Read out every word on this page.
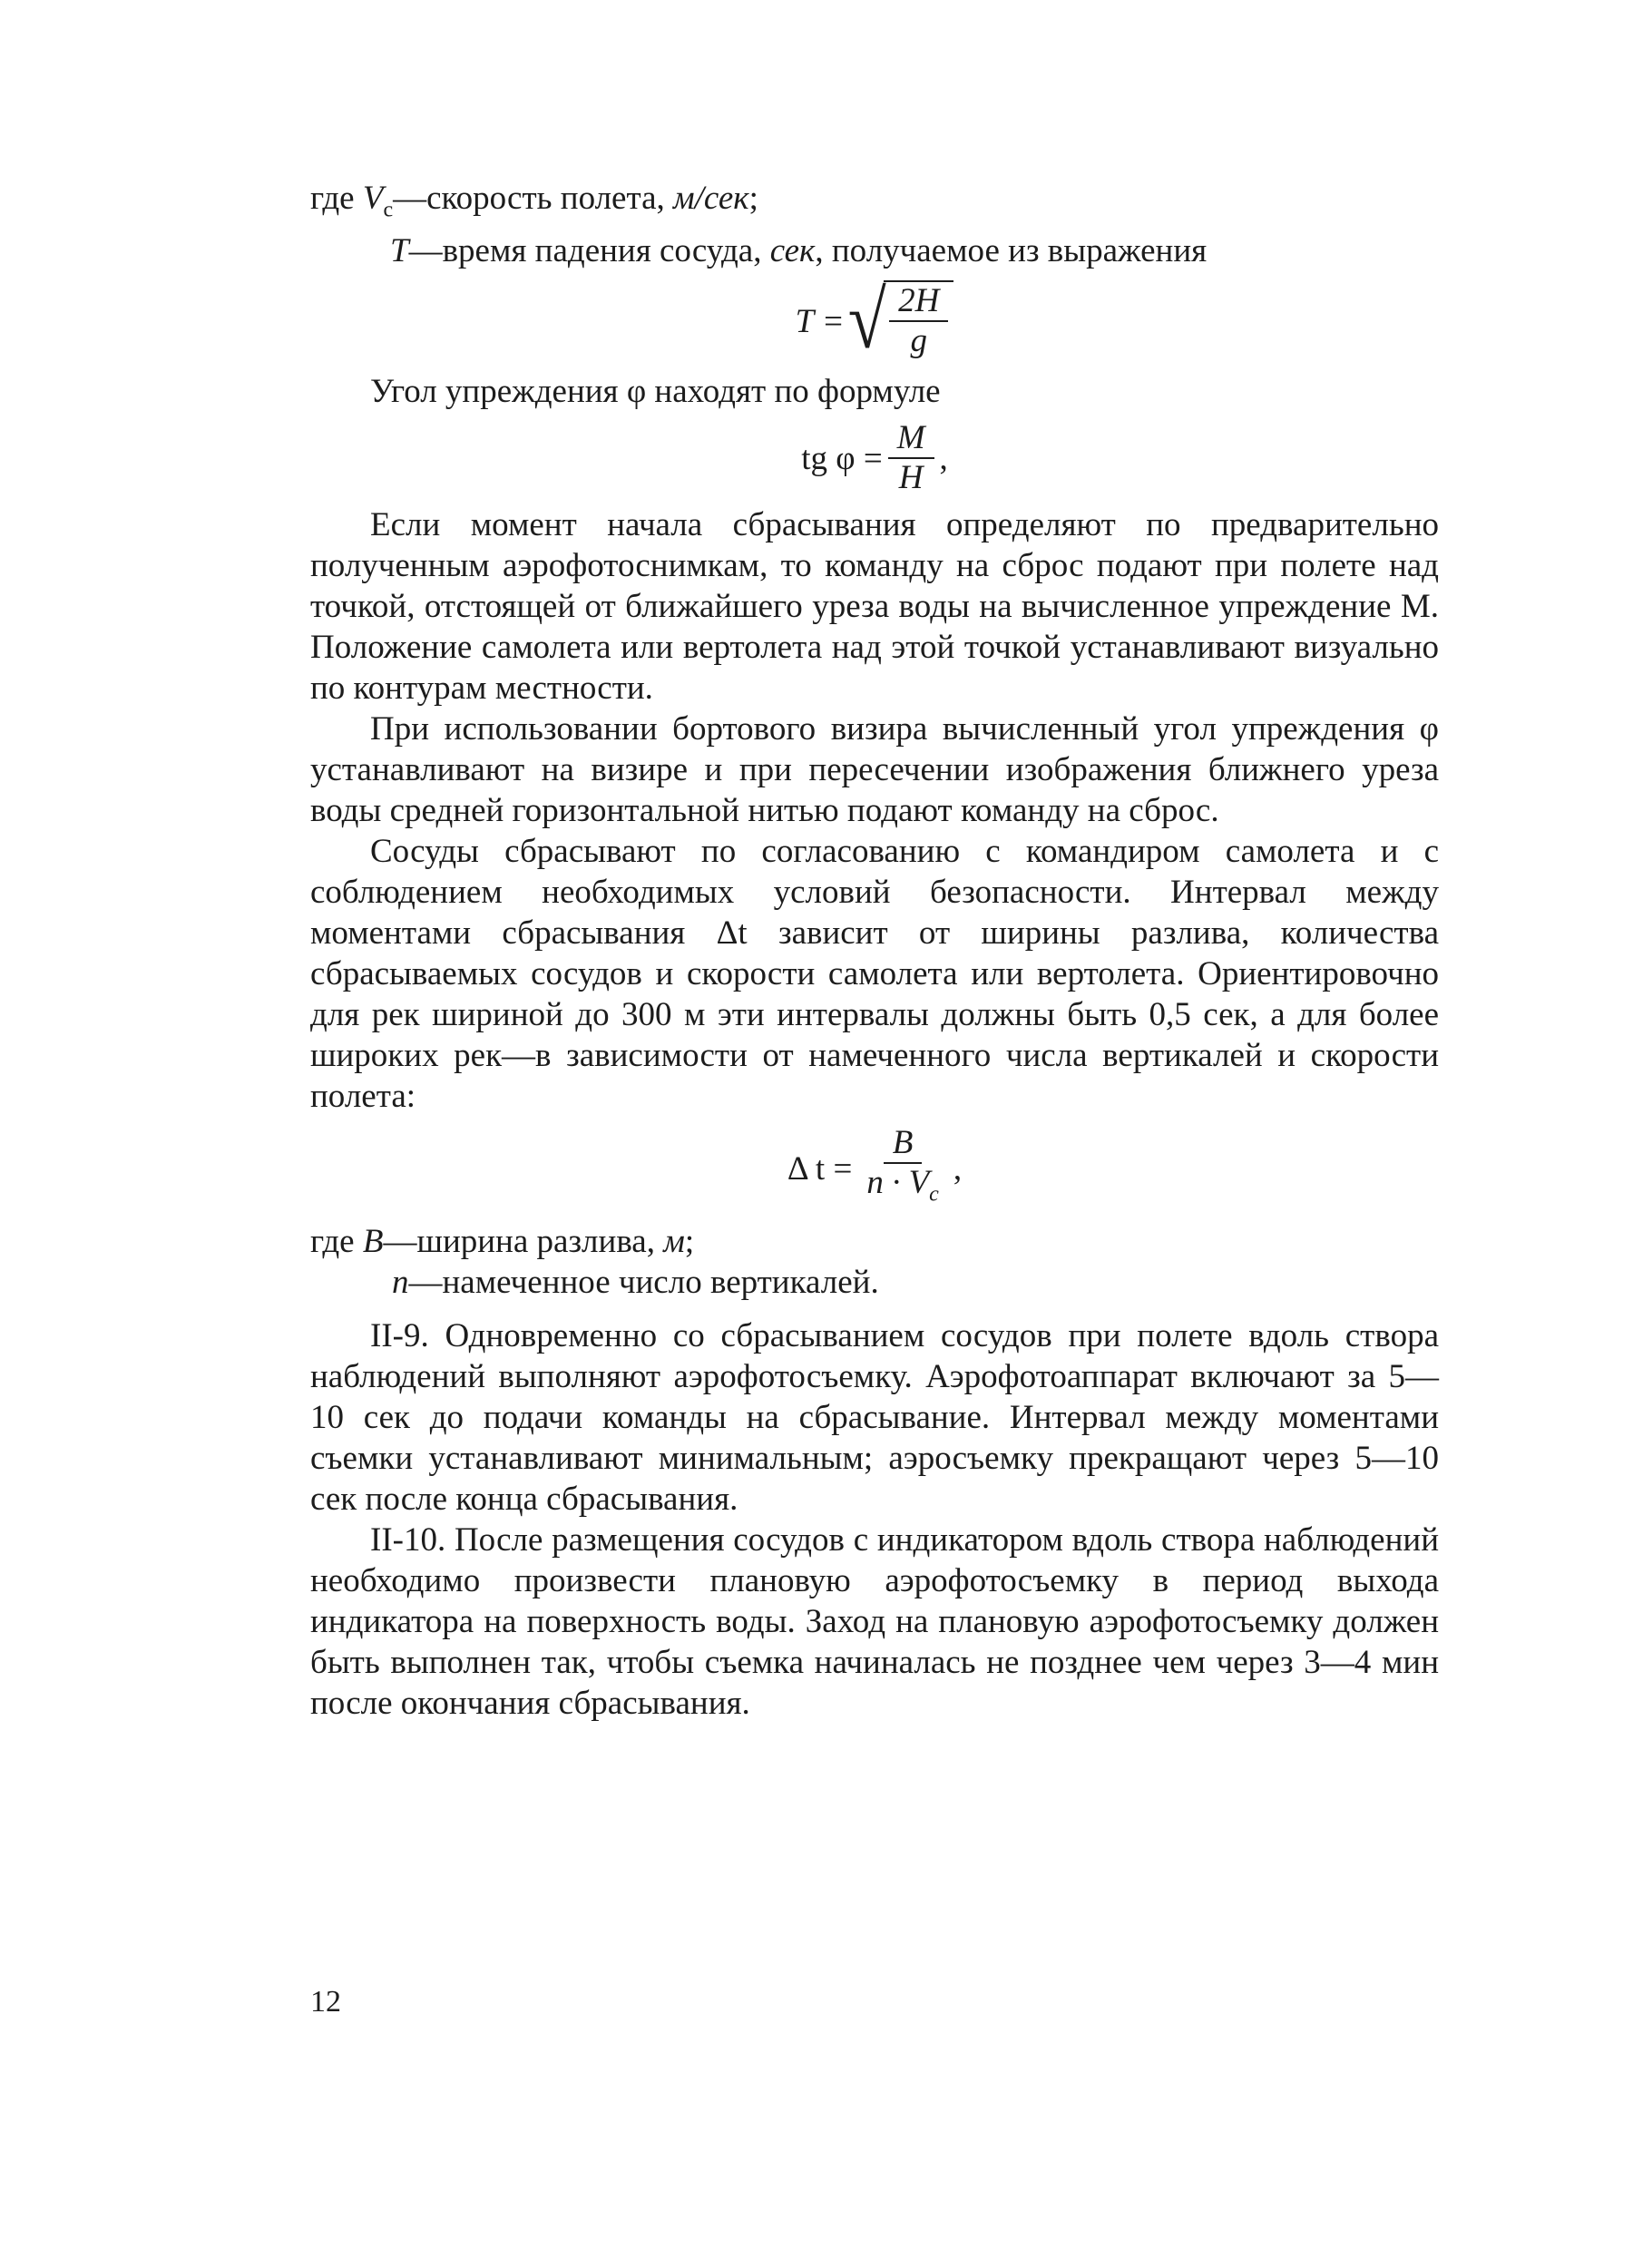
где $V_с—скорость$ полета, м/сек;

T—время падения сосуда, сек, получаемое из выражения

T = √ $\frac{2H}{g}$

Угол упреждения φ находят по формуле

tg $\varphi = \frac{M}{H}$ ,

Если момент начала сбрасывания определяют по предварительно полученным аэрофотоснимкам, то команду на сброс подают при полете над точкой, отстоящей от ближайшего уреза воды на вычисленное упреждение М. Положение самолета или вертолета над этой точкой устанавливают визуально по контурам местности.

При использовании бортового визира вычисленный угол упреждения φ устанавливают на визире и при пересечении изображения ближнего уреза воды средней горизонтальной нитью подают команду на сброс.

Сосуды сбрасывают по согласованию с командиром самолета и с соблюдением необходимых условий безопасности. Интервал между моментами сбрасывания Δt зависит от ширины разлива, количества сбрасываемых сосудов и скорости самолета или вертолета. Ориентировочно для рек шириной до 300 м эти интервалы должны быть 0,5 сек, а для более широких рек—в зависимости от намеченного числа вертикалей и скорости полета:

Δ $t = \frac{B}{n \cdot V_с}$ ,

где B—ширина разлива, м;

n—намеченное число вертикалей.

II-9. Одновременно со сбрасыванием сосудов при полете вдоль створа наблюдений выполняют аэрофотосъемку. Аэрофотоаппарат включают за 5—10 сек до подачи команды на сбрасывание. Интервал между моментами съемки устанавливают минимальным; аэросъемку прекращают через 5—10 сек после конца сбрасывания.

II-10. После размещения сосудов с индикатором вдоль створа наблюдений необходимо произвести плановую аэрофотосъемку в период выхода индикатора на поверхность воды. Заход на плановую аэрофотосъемку должен быть выполнен так, чтобы съемка начиналась не позднее чем через 3—4 мин после окончания сбрасывания.

12
